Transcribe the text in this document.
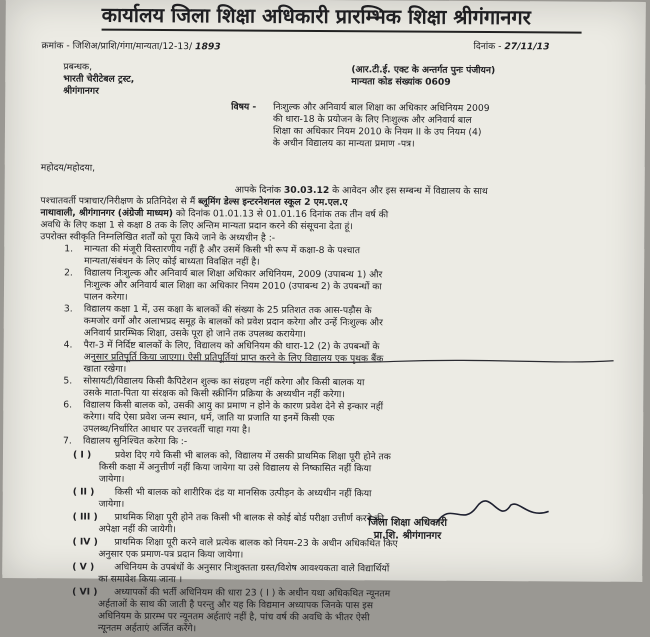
कार्यालय जिला शिक्षा अधिकारी प्रारम्भिक शिक्षा श्रीगंगानगर
क्रमांक - जिशिअ/प्राशि/गंगा/मान्यता/12-13/ 1893	दिनांक - 27/11/13
प्रबन्धक,
भारती चेरीटेबल ट्रस्ट,
श्रीगंगानगर
(आर.टी.ई. एक्ट के अन्तर्गत पुनः पंजीयन)
मान्यता कोड संख्यांक 0609
विषय - निःशुल्क और अनिवार्य बाल शिक्षा का अधिकार अधिनियम 2009
की धारा-18 के प्रयोजन के लिए निःशुल्क और अनिवार्य बाल
शिक्षा का अधिकार नियम 2010 के नियम II के उप नियम (4)
के अधीन विद्यालय का मान्यता प्रमाण -पत्र।
महोदय/महोदया,
आपके दिनांक 30.03.12 के आवेदन और इस सम्बन्ध में विद्यालय के साथ
पश्चातवर्ती पत्राचार/निरीक्षण के प्रतिनिदेश से मैं ब्लूमिंग डेल्स इन्टरनेशनल स्कूल 2 एम.एल.ए
नाथावाली, श्रीगंगानगर (अंग्रेजी माध्यम) को दिनांक 01.01.13 से 01.01.16 दिनांक तक तीन वर्ष की
अवधि के लिए कक्षा 1 से कक्षा 8 तक के लिए अन्तिम मान्यता प्रदान करने की संसूचना देता हूं।
उपरोक्त स्वीकृति निम्नलिखित शर्तों को पूरा किये जाने के अध्यधीन है :-
1. मान्यता की मंजूरी विस्तारणीय नहीं है और उसमें किसी भी रूप में कक्षा-8 के पश्चात
मान्यता/संबंधन के लिए कोई बाध्यता विवक्षित नहीं है।
2. विद्यालय निःशुल्क और अनिवार्य बाल शिक्षा अधिकार अधिनियम, 2009 (उपाबन्ध 1) और
निःशुल्क और अनिवार्य बाल शिक्षा का अधिकार नियम 2010 (उपाबन्ध 2) के उपबन्धों का
पालन करेगा।
3. विद्यालय कक्षा 1 में, उस कक्षा के बालकों की संख्या के 25 प्रतिशत तक आस-पड़ौस के
कमजोर वर्गों और अलाभप्रद समूह के बालकों को प्रवेश प्रदान करेगा और उन्हें निःशुल्क और
अनिवार्य प्रारम्भिक शिक्षा, उसके पूरा हो जाने तक उपलब्ध करायेगा।
4. पैरा-3 में निर्दिष्ट बालकों के लिए, विद्यालय को अधिनियम की धारा-12 (2) के उपबन्धों के
अनुसार प्रतिपूर्ति किया जाएगा। ऐसी प्रतिपूर्तियां प्राप्त करने के लिए विद्यालय एक पृथक बैंक
खाता रखेगा।
5. सोसायटी/विद्यालय किसी कैपिटेशन शुल्क का संग्रहण नहीं करेगा और किसी बालक या
उसके माता-पिता या संरक्षक को किसी स्क्रीनिंग प्रक्रिया के अध्यधीन नहीं करेगा।
6. विद्यालय किसी बालक को, उसकी आयु का प्रमाण न होने के कारण प्रवेश देने से इन्कार नहीं
करेगा। यदि ऐसा प्रवेश जन्म स्थान, धर्म, जाति या प्रजाति या इनमें किसी एक
उपलब्ध/निर्धारित आधार पर उत्तरवर्ती चाहा गया है।
7. विद्यालय सुनिश्चित करेगा कि :-
( I )	प्रवेश दिए गये किसी भी बालक को, विद्यालय में उसकी प्राथमिक शिक्षा पूरी होने तक
किसी कक्षा में अनुत्तीर्ण नहीं किया जायेगा या उसे विद्यालय से निष्कासित नहीं किया
जायेगा।
( II ) किसी भी बालक को शारीरिक दंड या मानसिक उत्पीड़न के अध्यधीन नहीं किया
जायेगा।
( III ) प्राथमिक शिक्षा पूरी होने तक किसी भी बालक से कोई बोर्ड परीक्षा उत्तीर्ण करने की
अपेक्षा नहीं की जायेगी।
( IV ) प्राथमिक शिक्षा पूरी करने वाले प्रत्येक बालक को नियम-23 के अधीन अधिकथित किए
अनुसार एक प्रमाण-पत्र प्रदान किया जायेगा।
( V ) अधिनियम के उपबंधों के अनुसार निःशुक्तता ग्रस्त/विशेष आवश्यकता वाले विद्यार्थियों
का समावेश किया जाना ।
( VI ) अध्यापकों की भर्ती अधिनियम की धारा 23 ( I ) के अधीन यथा अधिकथित न्यूनतम
अर्हताओं के साथ की जाती है परन्तु और यह कि विद्यमान अध्यापक जिनके पास इस
अधिनियम के प्रारम्भ पर न्यूनतम अर्हताएं नहीं है, पांच वर्ष की अवधि के भीतर ऐसी
न्यूनतम अर्हताएं अर्जित करेंगे।
जिला शिक्षा अधिकारी
प्रा.शि. श्रीगंगानगर
